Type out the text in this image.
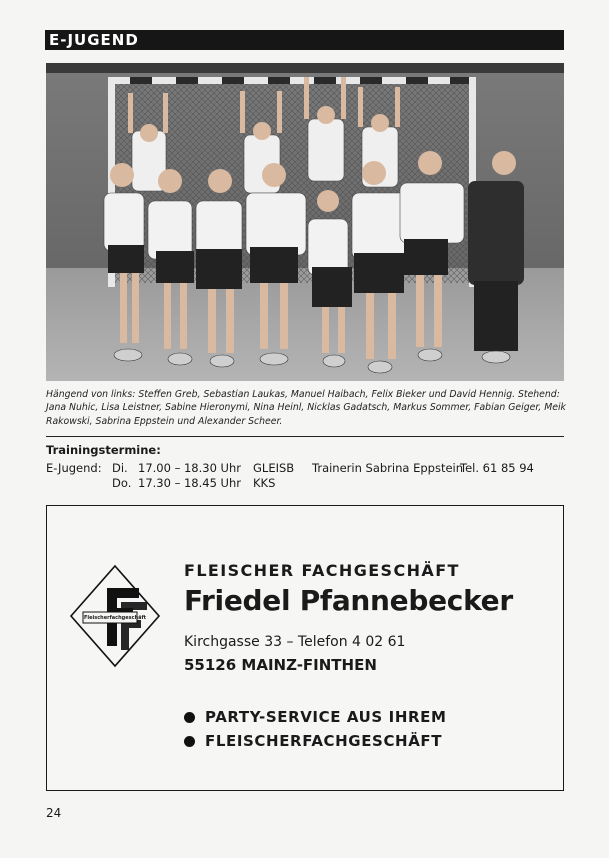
E-JUGEND
Hängend von links: Steffen Greb, Sebastian Laukas, Manuel Haibach, Felix Bieker und David Hennig. Stehend: Jana Nuhic, Lisa Leistner, Sabine Hieronymi, Nina Heinl, Nicklas Gadatsch, Markus Sommer, Fabian Geiger, Meik Rakowski, Sabrina Eppstein und Alexander Scheer.
Trainingstermine:
E-Jugend: Di. 17.00 – 18.30 Uhr GLEISB Trainerin Sabrina Eppstein
Tel. 61 85 94
Do. 17.30 – 18.45 Uhr KKS
Fleischerfachgeschäft
FLEISCHER FACHGESCHÄFT
Friedel Pfannebecker
Kirchgasse 33 – Telefon 4 02 61
55126 MAINZ-FINTHEN
PARTY-SERVICE AUS IHREM
FLEISCHERFACHGESCHÄFT
24
